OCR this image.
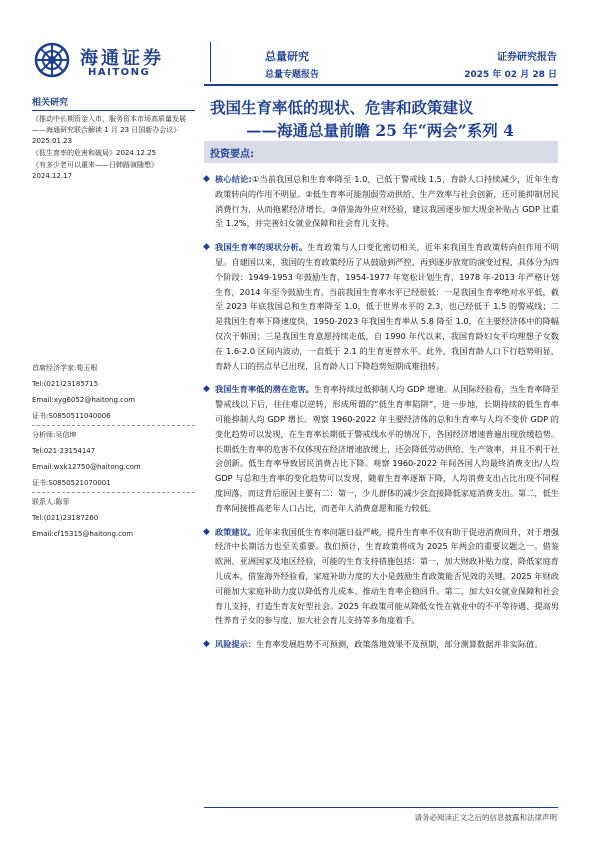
海通证券
HAITONG
总量研究
总量专题报告
证券研究报告
2025 年 02 月 28 日
相关研究
《推动中长期资金入市，服务资本市场高质量发展——海通研究联合解读 1 月 23 日国新办会议》2025.01.23
《低生育率的危害和破局》2024.12.25
《有多少老可以重来——日韩路演随想》2024.12.17
首席经济学家:荀玉根
Tel:(021)23185715
Email:xyg6052@haitong.com
证书:S0850511040006
分析师:吴信坤
Tel:021-23154147
Email:wxk12750@haitong.com
证书:S0850521070001
联系人:陈菲
Tel:(021)23187260
Email:cf15315@haitong.com
我国生育率低的现状、危害和政策建议
——海通总量前瞻 25 年“两会”系列 4
投资要点:
◆ 核心结论:①当前我国总和生育率降至 1.0，已低于警戒线 1.5，育龄人口持续减少，近年生育政策转向的作用不明显。②低生育率可能削弱劳动供给、生产效率与社会创新，还可能抑制居民消费行为，从而拖累经济增长。③借鉴海外应对经验，建议我国逐步加大现金补贴占 GDP 比重至 1.2%，并完善妇女就业保障和社会育儿支持。
◆ 我国生育率的现状分析。生育政策与人口变化密切相关，近年来我国生育政策转向但作用不明显。自建国以来，我国的生育政策经历了从鼓励到严控，再到逐步放宽的演变过程，具体分为四个阶段：1949-1953 年鼓励生育，1954-1977 年宽松计划生育，1978 年-2013 年严格计划生育，2014 年至今鼓励生育。当前我国生育率水平已经很低：一是我国生育率绝对水平低，截至 2023 年底我国总和生育率降至 1.0，低于世界水平的 2.3，也已经低于 1.5 的警戒线；二是我国生育率下降速度快，1950-2023 年我国生育率从 5.8 降至 1.0，在主要经济体中的降幅仅次于韩国；三是我国生育意愿持续走低，自 1990 年代以来，我国育龄妇女平均理想子女数在 1.6-2.0 区间内波动，一直低于 2.1 的生育更替水平。此外，我国育龄人口下行趋势明显，育龄人口的拐点早已出现，且育龄人口下降趋势短期成难扭转。
◆ 我国生育率低的潜在危害。生育率持续过低抑制人均 GDP 增速。从国际经验看，当生育率降至警戒线以下后，往往难以逆转，形成所谓的“低生育率陷阱”，进一步地，长期持续的低生育率可能抑制人均 GDP 增长。观察 1960-2022 年主要经济体的总和生育率与人均不变价 GDP 的变化趋势可以发现，在生育率长期低于警戒线水平的情况下，各国经济增速普遍出现放缓趋势。长期低生育率的危害不仅体现在经济增速放缓上，还会降低劳动供给、生产效率，并且不利于社会创新。低生育率导致居民消费占比下降。观察 1960-2022 年间各国人均最终消费支出/人均 GDP 与总和生育率的变化趋势可以发现，随着生育率逐渐下降，人均消费支出占比出现不同程度回落，而这背后原因主要有二：第一，少儿群体的减少会直接降低家庭消费支出。第二，低生育率间接推高老年人口占比，而老年人消费意愿和能力较低。
◆ 政策建议。近年来我国低生育率问题日益严峻，提升生育率不仅有助于促进消费回升，对于增强经济中长期活力也至关重要。我们预计，生育政策将成为 2025 年两会的重要议题之一。借鉴欧洲、亚洲国家及地区经验，可能的生育支持措施包括：第一，加大财政补贴力度，降低家庭育儿成本。借鉴海外经验看，家庭补助力度的大小是鼓励生育政策能否见效的关键。2025 年财政可能加大家庭补助力度以降低育儿成本、推动生育率企稳回升。第二，加大妇女就业保障和社会育儿支持，打造生育友好型社会。2025 年政策可能从降低女性在就业中的不平等待遇、提高男性养育子女的参与度、加大社会育儿支持等多角度着手。
◆ 风险提示：生育率发展趋势不可预测，政策落地效果不及预期，部分测算数据并非实际值。
请务必阅读正文之后的信息披露和法律声明
